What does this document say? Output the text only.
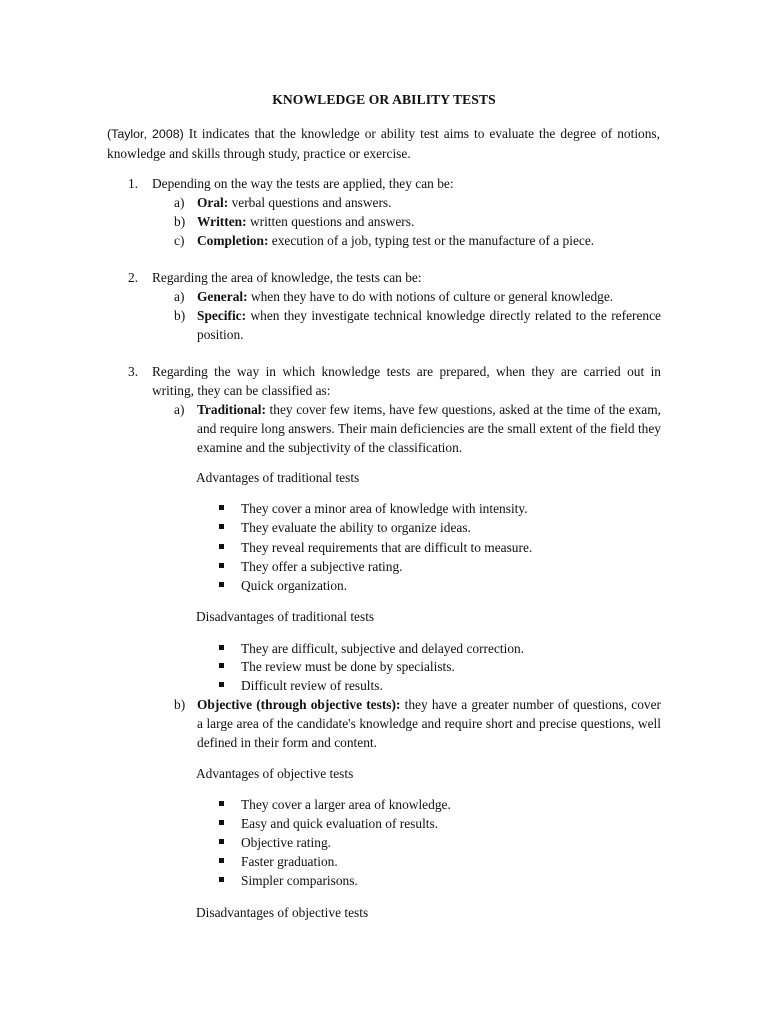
KNOWLEDGE OR ABILITY TESTS
(Taylor, 2008) It indicates that the knowledge or ability test aims to evaluate the degree of notions, knowledge and skills through study, practice or exercise.
1.	Depending on the way the tests are applied, they can be:
a) Oral: verbal questions and answers.
b) Written: written questions and answers.
c) Completion: execution of a job, typing test or the manufacture of a piece.
2.	Regarding the area of knowledge, the tests can be:
a) General: when they have to do with notions of culture or general knowledge.
b) Specific: when they investigate technical knowledge directly related to the reference position.
3.	Regarding the way in which knowledge tests are prepared, when they are carried out in writing, they can be classified as:
a) Traditional: they cover few items, have few questions, asked at the time of the exam, and require long answers. Their main deficiencies are the small extent of the field they examine and the subjectivity of the classification.
Advantages of traditional tests
They cover a minor area of knowledge with intensity.
They evaluate the ability to organize ideas.
They reveal requirements that are difficult to measure.
They offer a subjective rating.
Quick organization.
Disadvantages of traditional tests
They are difficult, subjective and delayed correction.
The review must be done by specialists.
Difficult review of results.
b) Objective (through objective tests): they have a greater number of questions, cover a large area of the candidate's knowledge and require short and precise questions, well defined in their form and content.
Advantages of objective tests
They cover a larger area of knowledge.
Easy and quick evaluation of results.
Objective rating.
Faster graduation.
Simpler comparisons.
Disadvantages of objective tests
